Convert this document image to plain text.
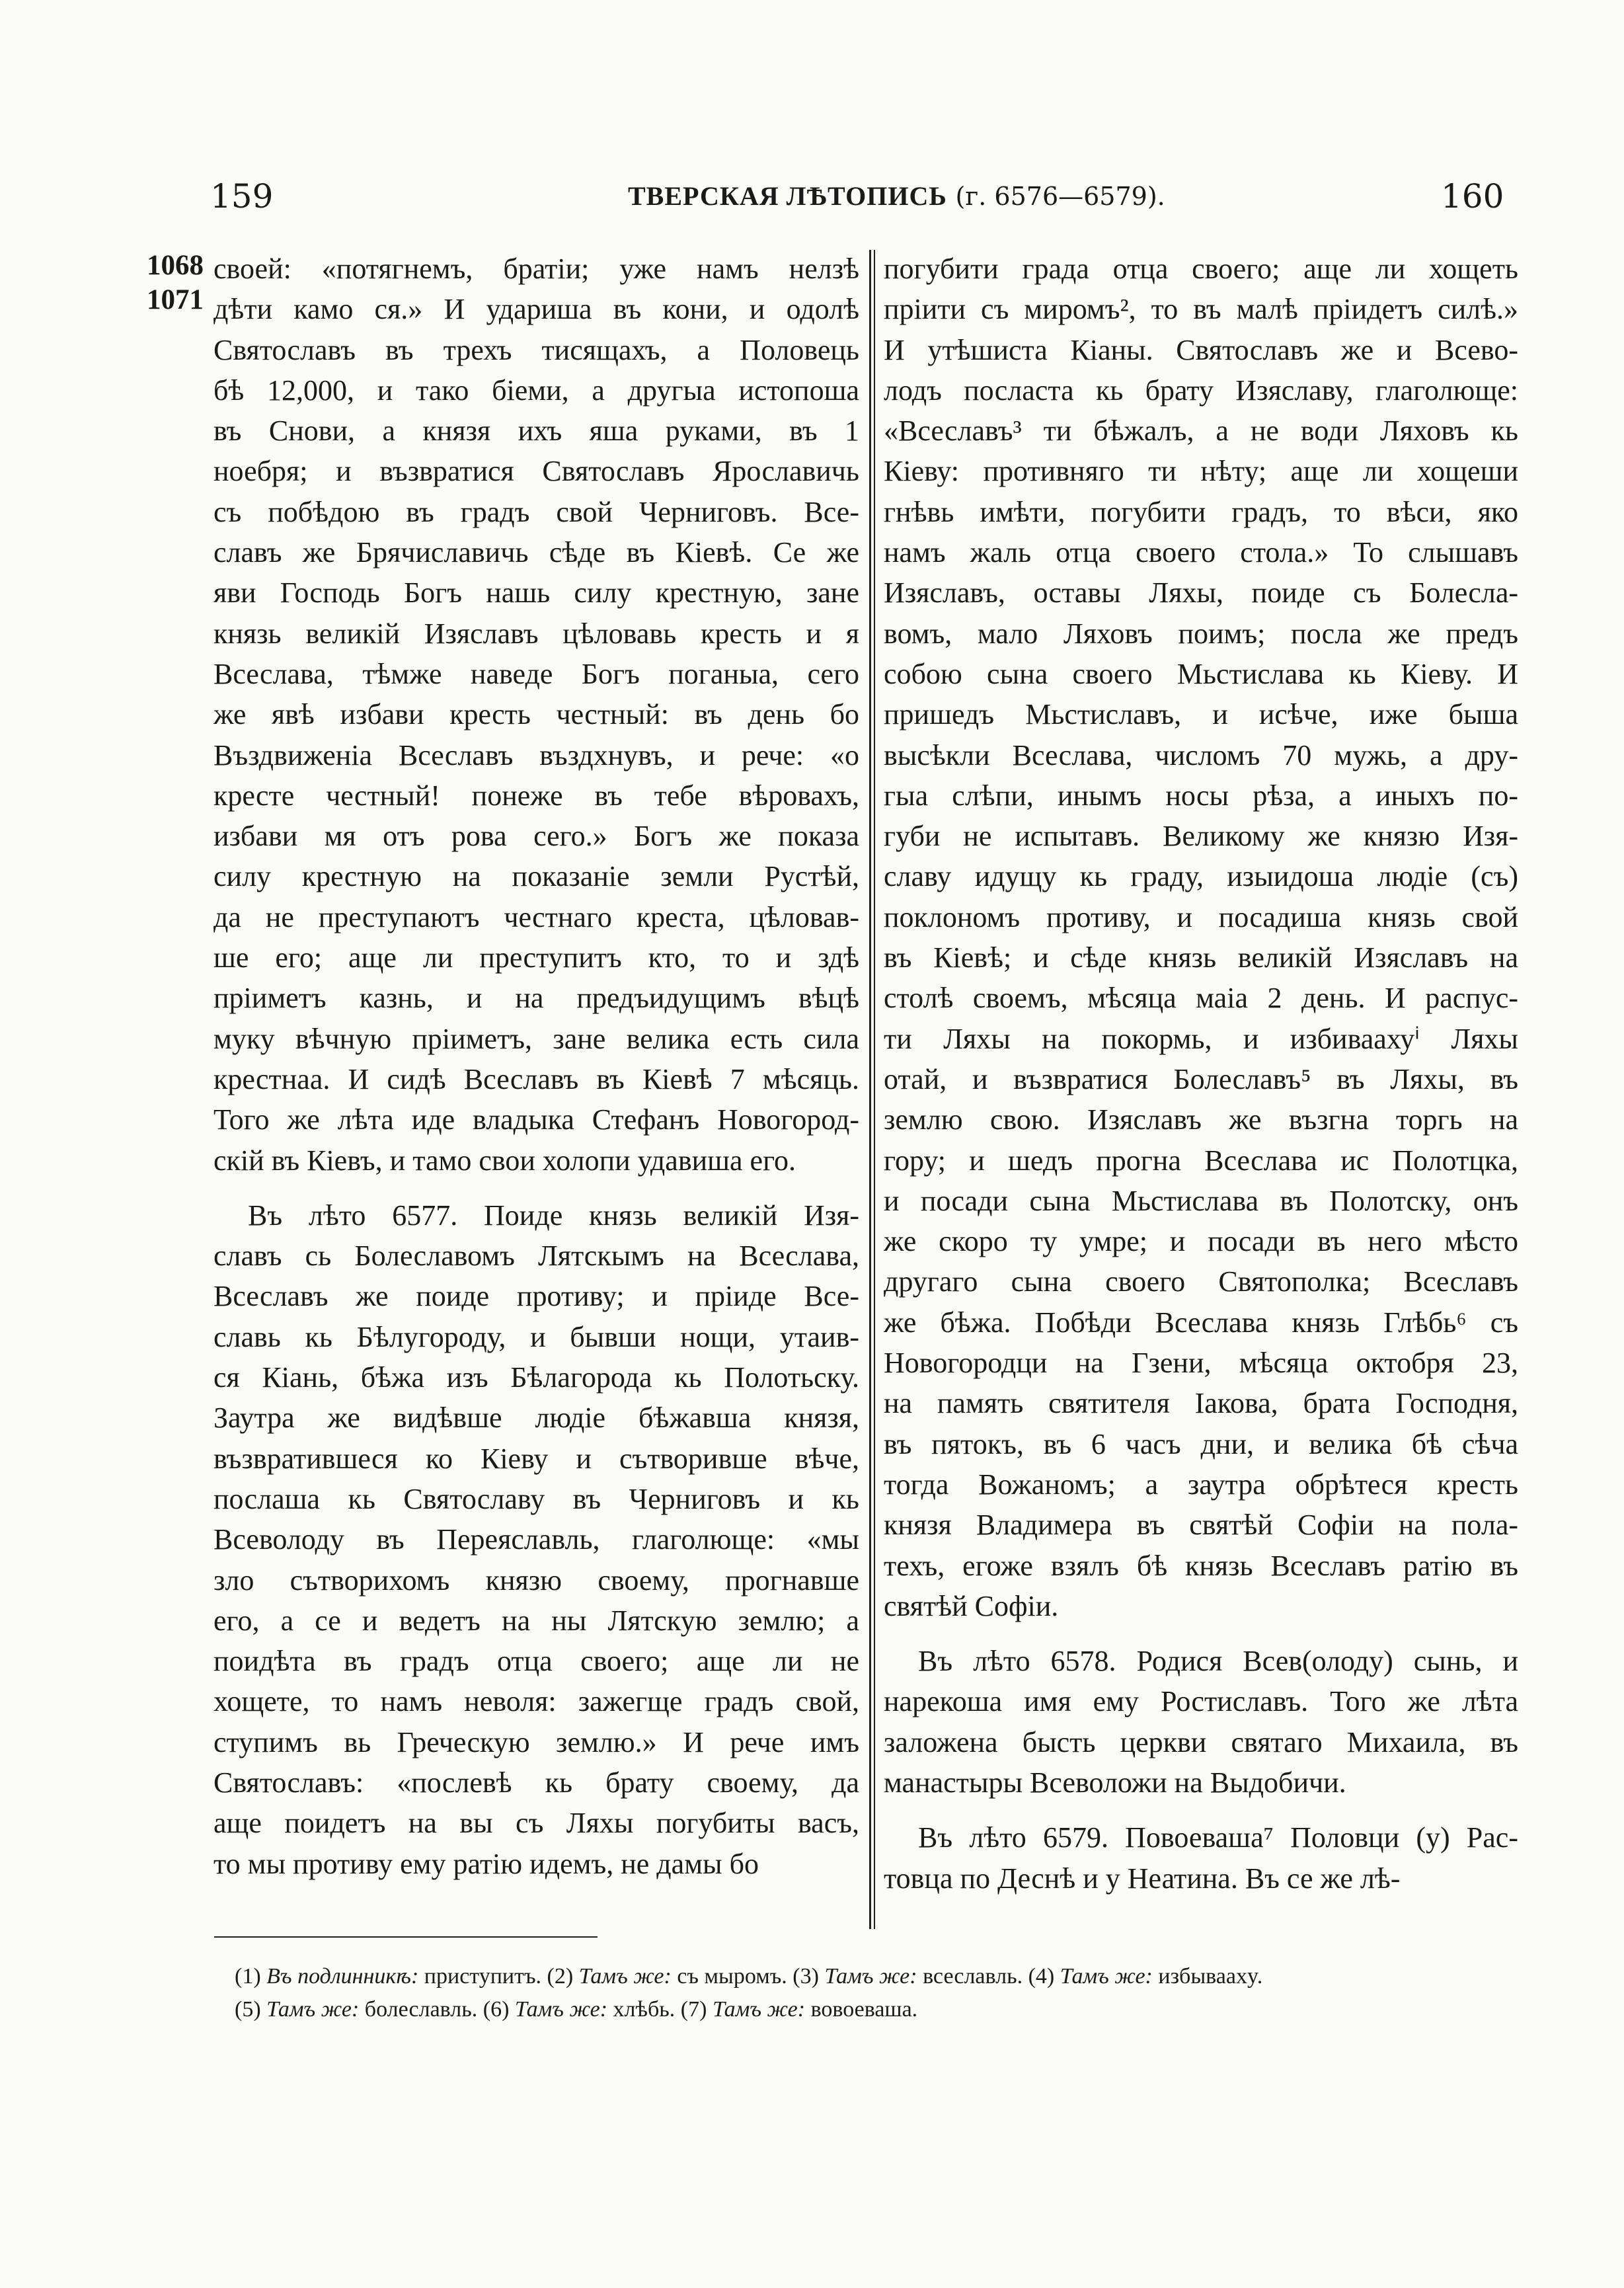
159	ТВЕРСКАЯ ЛѢТОПИСЬ (г. 6576—6579).	160
1068
1071
своей: «потягнемъ, братіи; уже намъ нелзѣ
дѣти камо ся.» И удариша въ кони, и одолѣ
Святославъ въ трехъ тисящахъ, а Половець
бѣ 12,000, и тако біеми, а другыа истопоша
въ Снови, а князя ихъ яша руками, въ 1
ноебря; и възвратися Святославъ Ярославичь
съ побѣдою въ градъ свой Черниговъ. Все-
славъ же Брячиславичь сѣде въ Кіевѣ. Се же
яви Господь Богъ нашь силу крестную, зане
князь великій Изяславъ цѣловавь кресть и я
Всеслава, тѣмже наведе Богъ поганыа, сего
же явѣ избави кресть честный: въ день бо
Въздвиженіа Всеславъ въздхнувъ, и рече: «о
кресте честный! понеже въ тебе вѣровахъ,
избави мя отъ рова сего.» Богъ же показа
силу крестную на показаніе земли Рустѣй,
да не преступаютъ честнаго креста, цѣловав-
ше его; аще ли преступитъ кто, то и здѣ
пріиметъ казнь, и на предъидущимъ вѣцѣ
муку вѣчную пріиметъ, зане велика есть сила
крестнаа. И сидѣ Всеславъ въ Кіевѣ 7 мѣсяць.
Того же лѣта иде владыка Стефанъ Новогород-
скій въ Кіевъ, и тамо свои холопи удавиша его.
Въ лѣто 6577. Поиде князь великій Изя-
славъ сь Болеславомъ Лятскымъ на Всеслава,
Всеславъ же поиде противу; и пріиде Все-
славь кь Бѣлугороду, и бывши нощи, утаив-
ся Кіань, бѣжа изъ Бѣлагорода кь Полотьску.
Заутра же видѣвше людіе бѣжавша князя,
възвратившеся ко Кіеву и сътворивше вѣче,
послаша кь Святославу въ Черниговъ и кь
Всеволоду въ Переяславль, глаголюще: «мы
зло сътворихомъ князю своему, прогнавше
его, а се и ведетъ на ны Лятскую землю; а
поидѣта въ градъ отца своего; аще ли не
хощете, то намъ неволя: зажегще градъ свой,
ступимъ вь Греческую землю.» И рече имъ
Святославъ: «послевѣ кь брату своему, да
аще поидетъ на вы съ Ляхы погубиты васъ,
то мы противу ему ратію идемъ, не дамы бо
погубити града отца своего; аще ли хощеть
пріити съ миромъ², то въ малѣ пріидетъ силѣ.»
И утѣшиста Кіаны. Святославъ же и Всево-
лодъ посласта кь брату Изяславу, глаголюще:
«Всеславъ³ ти бѣжалъ, а не води Ляховъ кь
Кіеву: противняго ти нѣту; аще ли хощеши
гнѣвь имѣти, погубити градъ, то вѣси, яко
намъ жаль отца своего стола.» То слышавъ
Изяславъ, оставы Ляхы, поиде съ Болесла-
вомъ, мало Ляховъ поимъ; посла же предъ
собою сына своего Мьстислава кь Кіеву. И
пришедъ Мьстиславъ, и исѣче, иже быша
высѣкли Всеслава, числомъ 70 мужь, а дру-
гыа слѣпи, инымъ носы рѣза, а иныхъ по-
губи не испытавъ. Великому же князю Изя-
славу идущу кь граду, изыидоша людіе (съ)
поклономъ противу, и посадиша князь свой
въ Кіевѣ; и сѣде князь великій Изяславъ на
столѣ своемъ, мѣсяца маіа 2 день. И распус-
ти Ляхы на покормь, и избиваахуⁱ Ляхы
отай, и възвратися Болеславъ⁵ въ Ляхы, въ
землю свою. Изяславъ же възгна торгь на
гору; и шедъ прогна Всеслава ис Полотцка,
и посади сына Мьстислава въ Полотску, онъ
же скоро ту умре; и посади въ него мѣсто
другаго сына своего Святополка; Всеславъ
же бѣжа. Побѣди Всеслава князь Глѣбь⁶ съ
Новогородци на Гзени, мѣсяца октобря 23,
на память святителя Іакова, брата Господня,
въ пятокъ, въ 6 часъ дни, и велика бѣ сѣча
тогда Вожаномъ; а заутра обрѣтеся кресть
князя Владимера въ святѣй Софіи на пола-
техъ, егоже взялъ бѣ князь Всеславъ ратію въ
святѣй Софіи.
Въ лѣто 6578. Родися Всев(олоду) сынь, и
нарекоша имя ему Ростиславъ. Того же лѣта
заложена бысть церкви святаго Михаила, въ
манастыры Всеволожи на Выдобичи.
Въ лѣто 6579. Повоеваша⁷ Половци (у) Рас-
товца по Деснѣ и у Неатина. Въ се же лѣ-
(1) Въ подлинникѣ: приступитъ. (2) Тамъ же: съ мыромъ. (3) Тамъ же: всеславль. (4) Тамъ же: избываахy.
(5) Тамъ же: болеславль. (6) Тамъ же: хлѣбь. (7) Тамъ же: вовоеваша.
